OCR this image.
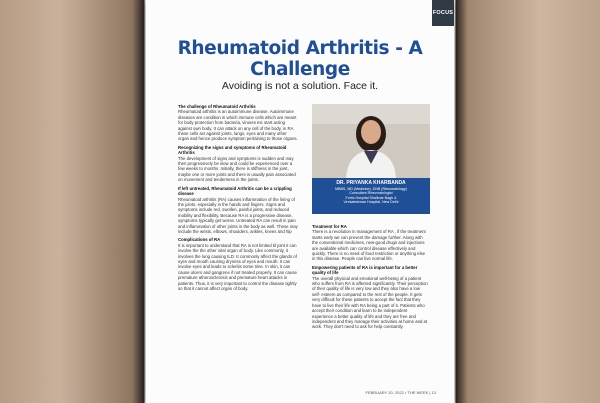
FOCUS
Rheumatoid Arthritis - A Challenge
Avoiding is not a solution. Face it.
The challenge of Rheumatoid Arthritis
Rheumatoid arthritis is an autoimmune disease. Autoimmune diseases are condition in which immune cells which are meant for body protection from bacteria, viruses etc start acting against own body. It can attack on any cell of the body, in RA these cells act against joints, lungs, eyes and many other organ and hence produce symptom pertaining to those organs.
Recognizing the signs and symptoms of Rheumatoid Arthritis
The development of signs and symptoms is sudden and may then progressively be slow and could be experienced over a few weeks to months. Initially, there is stiffness in the joint, maybe one or more joints and there is usually pain associated on movement and tenderness in the joints.
If left untreated, Rheumatoid Arthritis can be a crippling disease
Rheumatoid arthritis (RA) causes inflammation of the lining of the joints, especially in the hands and fingers. Signs and symptoms include red, swollen, painful joints, and reduced mobility and flexibility. Because RA is a progressive disease, symptoms typically get worse. Untreated RA can result in pain and inflammation of other joints in the body as well. These may include the wrists, elbows, shoulders, ankles, knees and hip
Complications of RA
It is important to understand that RA is not limited til joint it can involve the the other vital organ of body. Like commonly, it involves the lung causing ILD. It commonly affect the glands of eyes and mouth causing dryness of eyes and mouth. It can involve eyes and leads to scleritis some time. In skin, it can cause ulcers and gangrene if not treated properly. It can cause premature atherosclerosis and premature heart attacks in patients. Thus, it is very important to control the disease tightly so that it cannot affect organ of body.
DR. PRIYANKA KHARBANDA
MBBS, MD (Medicine), DNB (Rheumatology)
Consultant Rheumatologist
Fortis Hospital Shalimar Bagh &
Venkateshwar Hospital, New Delhi
Treatment for RA
There is a revolution in management of RA , if the treatment starts early we can prevent the damage further. Along with the conventional medicines, new-good drugs and injections are available which can control disease effectively and quickly. There is no need of food restriction or anything else in this disease. People can live normal life.
Empowering patients of RA is important for a better quality of life
The overall physical and emotional well-being of a patient who suffers from RA is affected significantly. Their perception of their quality of life is very low and they also have a low self- esteem as compared to the rest of the people. It gets very difficult for these patients to accept the fact that they have to live their life with RA being a part of it. Patients who accept their condition and learn to be independent experience a better quality of life and they are free and independent and they manage their activities at home and at work. They don't need to ask for help constantly.
FEBRUARY 20, 2022 • THE WEEK | 13
